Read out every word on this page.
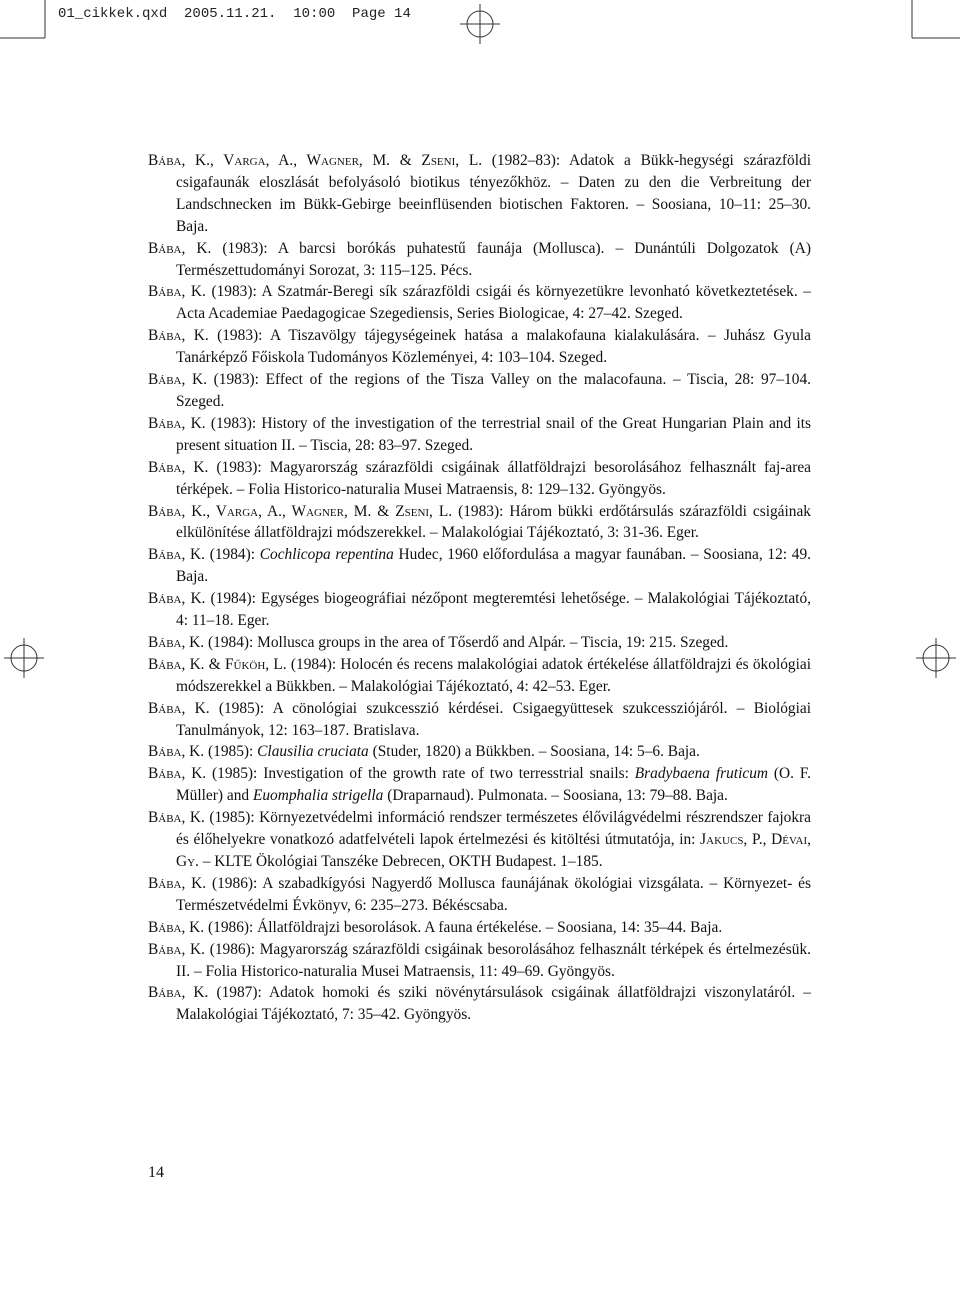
01_cikkek.qxd  2005.11.21.  10:00  Page 14
Bába, K., Varga, A., Wagner, M. & Zseni, L. (1982–83): Adatok a Bükk-hegységi szárazföldi csigafaunák eloszlását befolyásoló biotikus tényezőkhöz. – Daten zu den die Verbreitung der Landschnecken im Bükk-Gebirge beeinflüsenden biotischen Faktoren. – Soosiana, 10–11: 25–30. Baja.
Bába, K. (1983): A barcsi borókás puhatestű faunája (Mollusca). – Dunántúli Dolgozatok (A) Természettudományi Sorozat, 3: 115–125. Pécs.
Bába, K. (1983): A Szatmár-Beregi sík szárazföldi csigái és környezetükre levonható következtetések. – Acta Academiae Paedagogicae Szegediensis, Series Biologicae, 4: 27–42. Szeged.
Bába, K. (1983): A Tiszavölgy tájegységeinek hatása a malakofauna kialakulására. – Juhász Gyula Tanárképző Főiskola Tudományos Közleményei, 4: 103–104. Szeged.
Bába, K. (1983): Effect of the regions of the Tisza Valley on the malacofauna. – Tiscia, 28: 97–104. Szeged.
Bába, K. (1983): History of the investigation of the terrestrial snail of the Great Hungarian Plain and its present situation II. – Tiscia, 28: 83–97. Szeged.
Bába, K. (1983): Magyarország szárazföldi csigáinak állatföldrajzi besorolásához felhasznált faj-area térképek. – Folia Historico-naturalia Musei Matraensis, 8: 129–132. Gyöngyös.
Bába, K., Varga, A., Wagner, M. & Zseni, L. (1983): Három bükki erdőtársulás szárazföldi csigáinak elkülönítése állatföldrajzi módszerekkel. – Malakológiai Tájékoztató, 3: 31-36. Eger.
Bába, K. (1984): Cochlicopa repentina Hudec, 1960 előfordulása a magyar faunában. – Soosiana, 12: 49. Baja.
Bába, K. (1984): Egységes biogeográfiai nézőpont megteremtési lehetősége. – Malakológiai Tájékoztató, 4: 11–18. Eger.
Bába, K. (1984): Mollusca groups in the area of Tőserdő and Alpár. – Tiscia, 19: 215. Szeged.
Bába, K. & Fűköh, L. (1984): Holocén és recens malakológiai adatok értékelése állatföldrajzi és ökológiai módszerekkel a Bükkben. – Malakológiai Tájékoztató, 4: 42–53. Eger.
Bába, K. (1985): A cönológiai szukcesszió kérdései. Csigaegyüttesek szukcessziójáról. – Biológiai Tanulmányok, 12: 163–187. Bratislava.
Bába, K. (1985): Clausilia cruciata (Studer, 1820) a Bükkben. – Soosiana, 14: 5–6. Baja.
Bába, K. (1985): Investigation of the growth rate of two terresstrial snails: Bradybaena fruticum (O. F. Müller) and Euomphalia strigella (Draparnaud). Pulmonata. – Soosiana, 13: 79–88. Baja.
Bába, K. (1985): Környezetvédelmi információ rendszer természetes élővilágvédelmi részrendszer fajokra és élőhelyekre vonatkozó adatfelvételi lapok értelmezési és kitöltési útmutatója, in: Jakucs, P., Dévai, Gy. – KLTE Ökológiai Tanszéke Debrecen, OKTH Budapest. 1–185.
Bába, K. (1986): A szabadkígyósi Nagyerdő Mollusca faunájának ökológiai vizsgálata. – Környezet- és Természetvédelmi Évkönyv, 6: 235–273. Békéscsaba.
Bába, K. (1986): Állatföldrajzi besorolások. A fauna értékelése. – Soosiana, 14: 35–44. Baja.
Bába, K. (1986): Magyarország szárazföldi csigáinak besorolásához felhasznált térképek és értelmezésük. II. – Folia Historico-naturalia Musei Matraensis, 11: 49–69. Gyöngyös.
Bába, K. (1987): Adatok homoki és sziki növénytársulások csigáinak állatföldrajzi viszonylatáról. – Malakológiai Tájékoztató, 7: 35–42. Gyöngyös.
14
